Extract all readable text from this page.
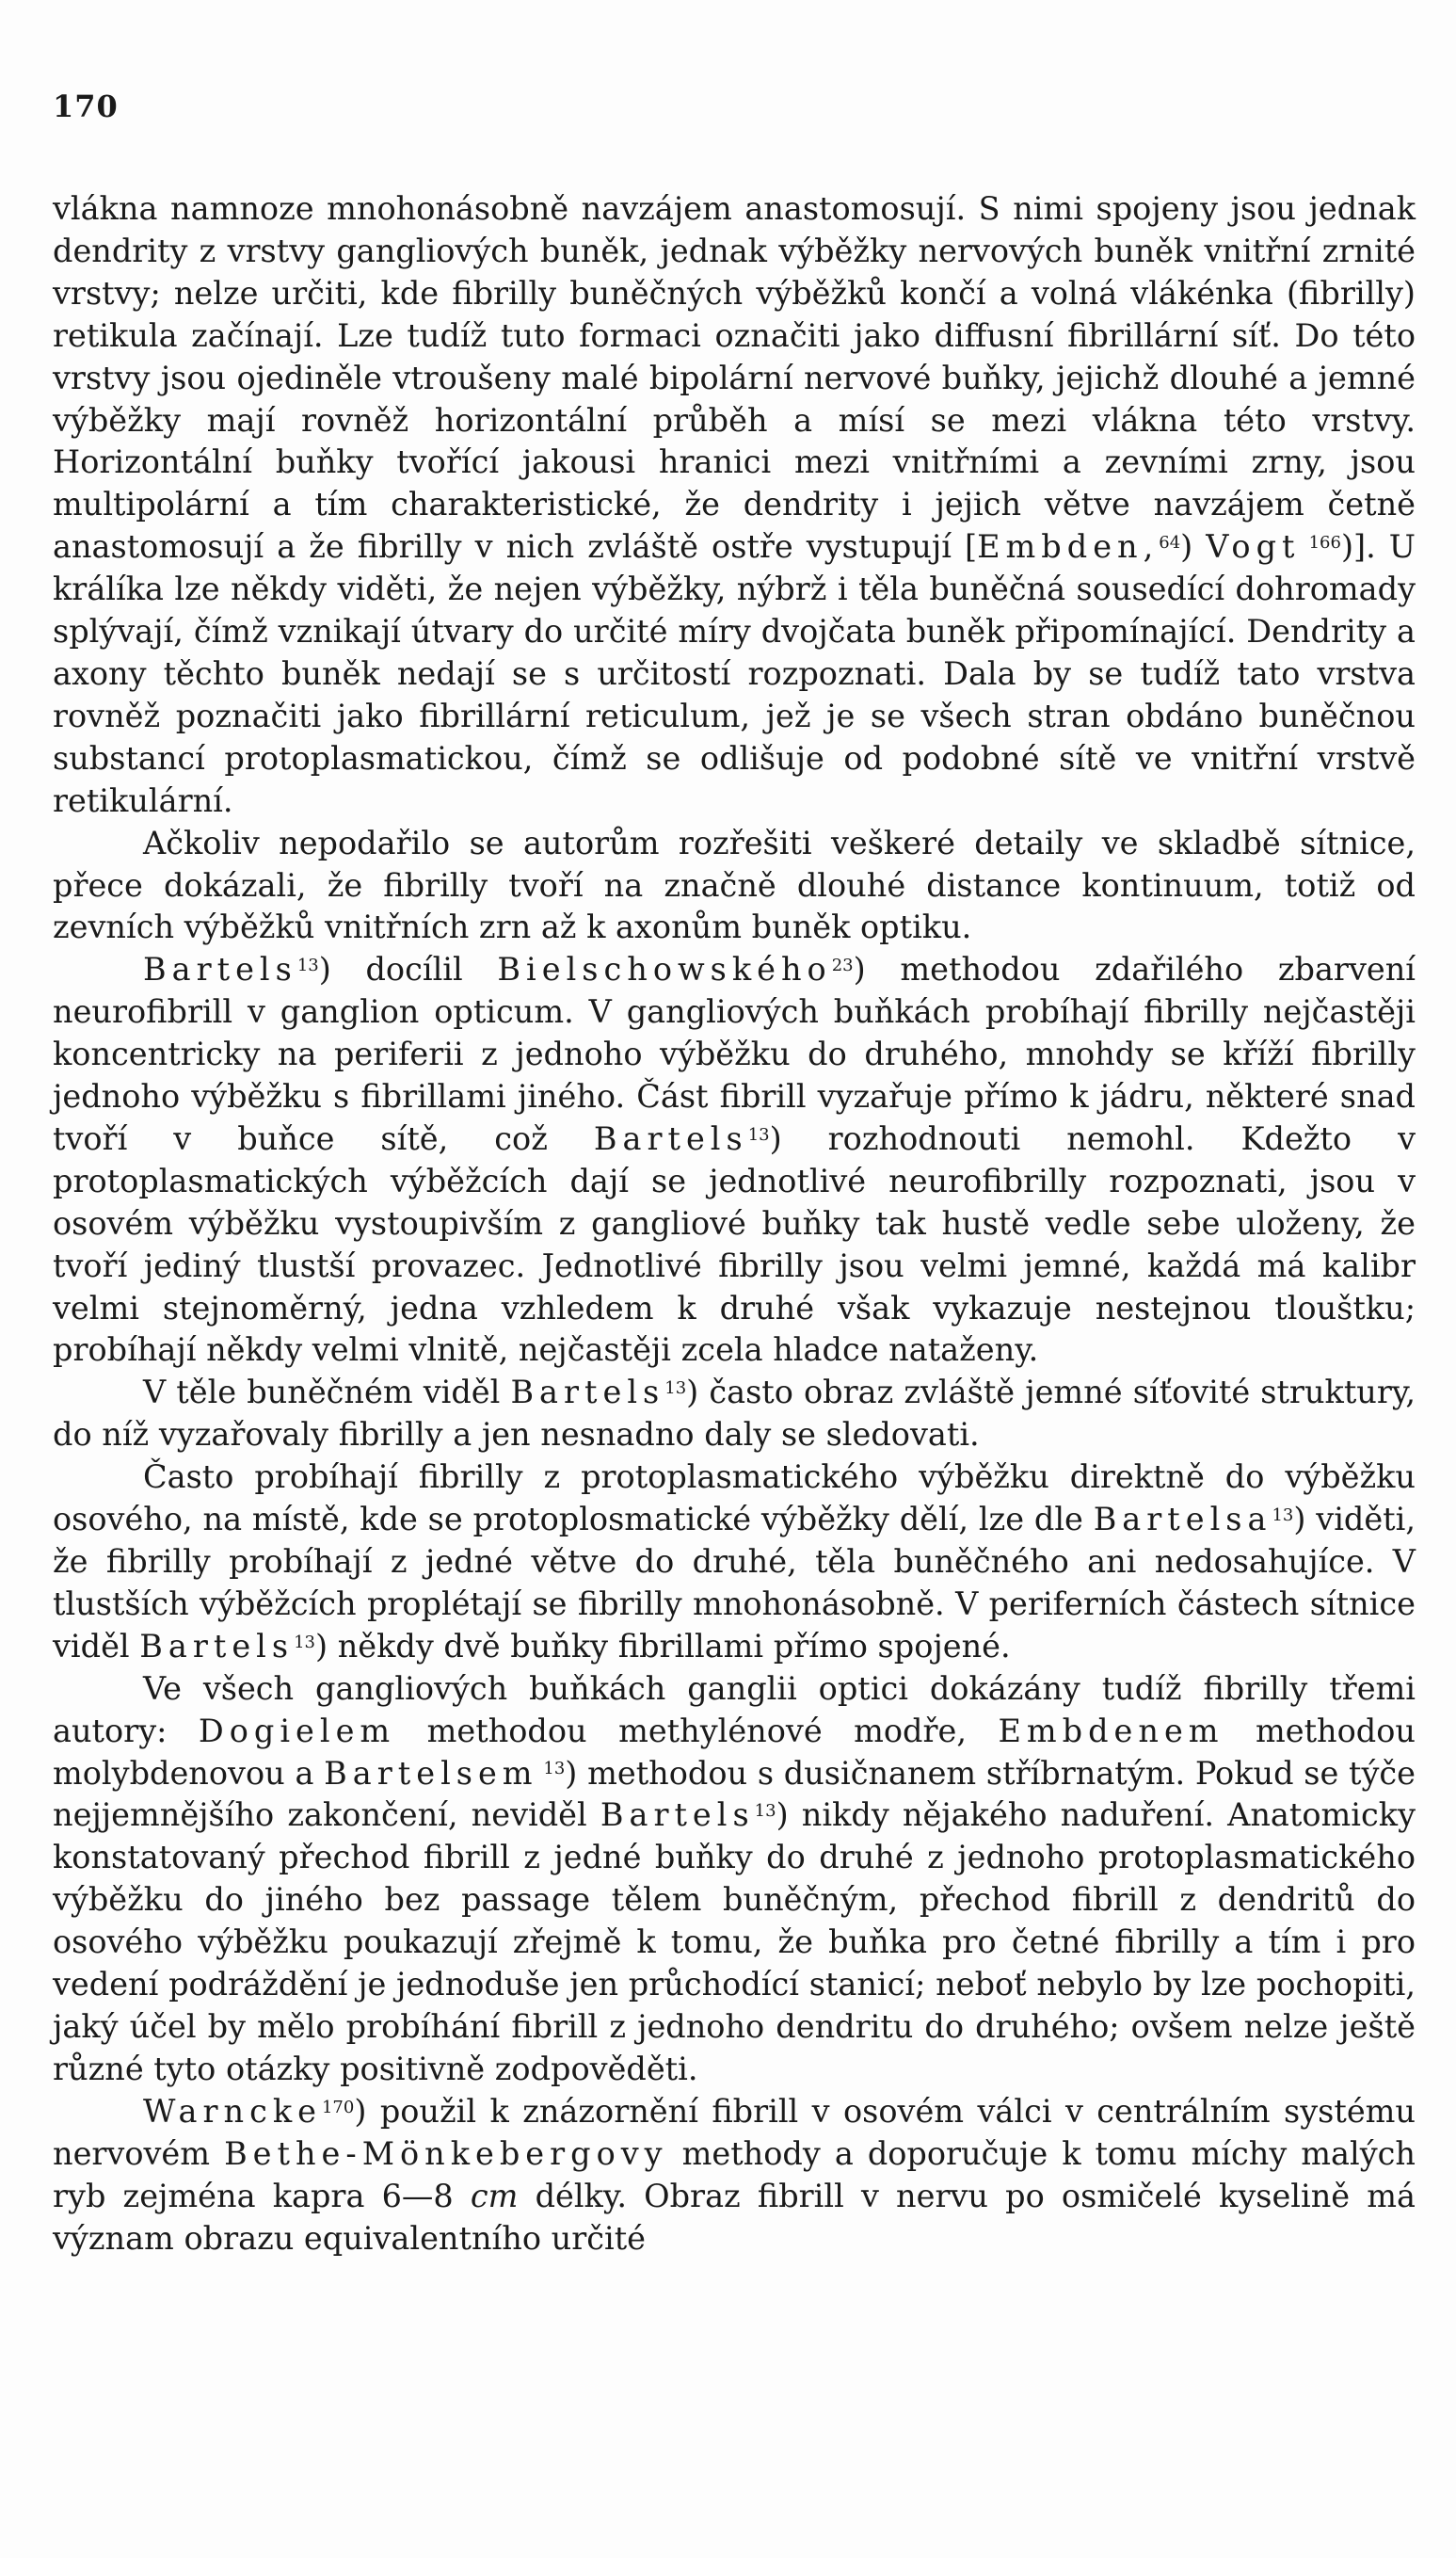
170

vlákna namnoze mnohonásobně navzájem anastomosují. S nimi spojeny jsou jednak dendrity z vrstvy gangliových buněk, jednak výběžky nervových buněk vnitřní zrnité vrstvy; nelze určiti, kde fibrilly buněčných výběžků končí a volná vlákénka (fibrilly) retikula začínají. Lze tudíž tuto formaci označiti jako diffusní fibrillární síť. Do této vrstvy jsou ojediněle vtroušeny malé bipolární nervové buňky, jejichž dlouhé a jemné výběžky mají rovněž horizontální průběh a mísí se mezi vlákna této vrstvy. Horizontální buňky tvořící jakousi hranici mezi vnitřními a zevními zrny, jsou multipolární a tím charakteristické, že dendrity i jejich větve navzájem četně anastomosují a že fibrilly v nich zvláště ostře vystupují [Embden,$^{64}$) Vogt $^{166}$)]. U králíka lze někdy viděti, že nejen výběžky, nýbrž i těla buněčná sousedící dohromady splývají, čímž vznikají útvary do určité míry dvojčata buněk připomínající. Dendrity a axony těchto buněk nedají se s určitostí rozpoznati. Dala by se tudíž tato vrstva rovněž poznačiti jako fibrillární reticulum, jež je se všech stran obdáno buněčnou substancí protoplasmatickou, čímž se odlišuje od podobné sítě ve vnitřní vrstvě retikulární.

Ačkoliv nepodařilo se autorům rozřešiti veškeré detaily ve skladbě sítnice, přece dokázali, že fibrilly tvoří na značně dlouhé distance kontinuum, totiž od zevních výběžků vnitřních zrn až k axonům buněk optiku.

Bartels$^{13}$) docílil Bielschowského$^{23}$) methodou zdařilého zbarvení neurofibrill v ganglion opticum. V gangliových buňkách probíhají fibrilly nejčastěji koncentricky na periferii z jednoho výběžku do druhého, mnohdy se kříží fibrilly jednoho výběžku s fibrillami jiného. Část fibrill vyzařuje přímo k jádru, některé snad tvoří v buňce sítě, což Bartels$^{13}$) rozhodnouti nemohl. Kdežto v protoplasmatických výběžcích dají se jednotlivé neurofibrilly rozpoznati, jsou v osovém výběžku vystoupivším z gangliové buňky tak hustě vedle sebe uloženy, že tvoří jediný tlustší provazec. Jednotlivé fibrilly jsou velmi jemné, každá má kalibr velmi stejnoměrný, jedna vzhledem k druhé však vykazuje nestejnou tlouštku; probíhají někdy velmi vlnitě, nejčastěji zcela hladce nataženy.

V těle buněčném viděl Bartels$^{13}$) často obraz zvláště jemné síťovité struktury, do níž vyzařovaly fibrilly a jen nesnadno daly se sledovati.

Často probíhají fibrilly z protoplasmatického výběžku direktně do výběžku osového, na místě, kde se protoplosmatické výběžky dělí, lze dle Bartelsa$^{13}$) viděti, že fibrilly probíhají z jedné větve do druhé, těla buněčného ani nedosahujíce. V tlustších výběžcích proplétají se fibrilly mnohonásobně. V periferních částech sítnice viděl Bartels$^{13}$) někdy dvě buňky fibrillami přímo spojené.

Ve všech gangliových buňkách ganglii optici dokázány tudíž fibrilly třemi autory: Dogielem methodou methylénové modře, Embdenem methodou molybdenovou a Bartelsem $^{13}$) methodou s dusičnanem stříbrnatým. Pokud se týče nejjemnějšího zakončení, neviděl Bartels$^{13}$) nikdy nějakého naduření. Anatomicky konstatovaný přechod fibrill z jedné buňky do druhé z jednoho protoplasmatického výběžku do jiného bez passage tělem buněčným, přechod fibrill z dendritů do osového výběžku poukazují zřejmě k tomu, že buňka pro četné fibrilly a tím i pro vedení podráždění je jednoduše jen průchodící stanicí; neboť nebylo by lze pochopiti, jaký účel by mělo probíhání fibrill z jednoho dendritu do druhého; ovšem nelze ještě různé tyto otázky positivně zodpověděti.

Warncke$^{170}$) použil k znázornění fibrill v osovém válci v centrálním systému nervovém Bethe-Mönkebergovy methody a doporučuje k tomu míchy malých ryb zejména kapra 6—8 cm délky. Obraz fibrill v nervu po osmičelé kyselině má význam obrazu equivalentního určité
